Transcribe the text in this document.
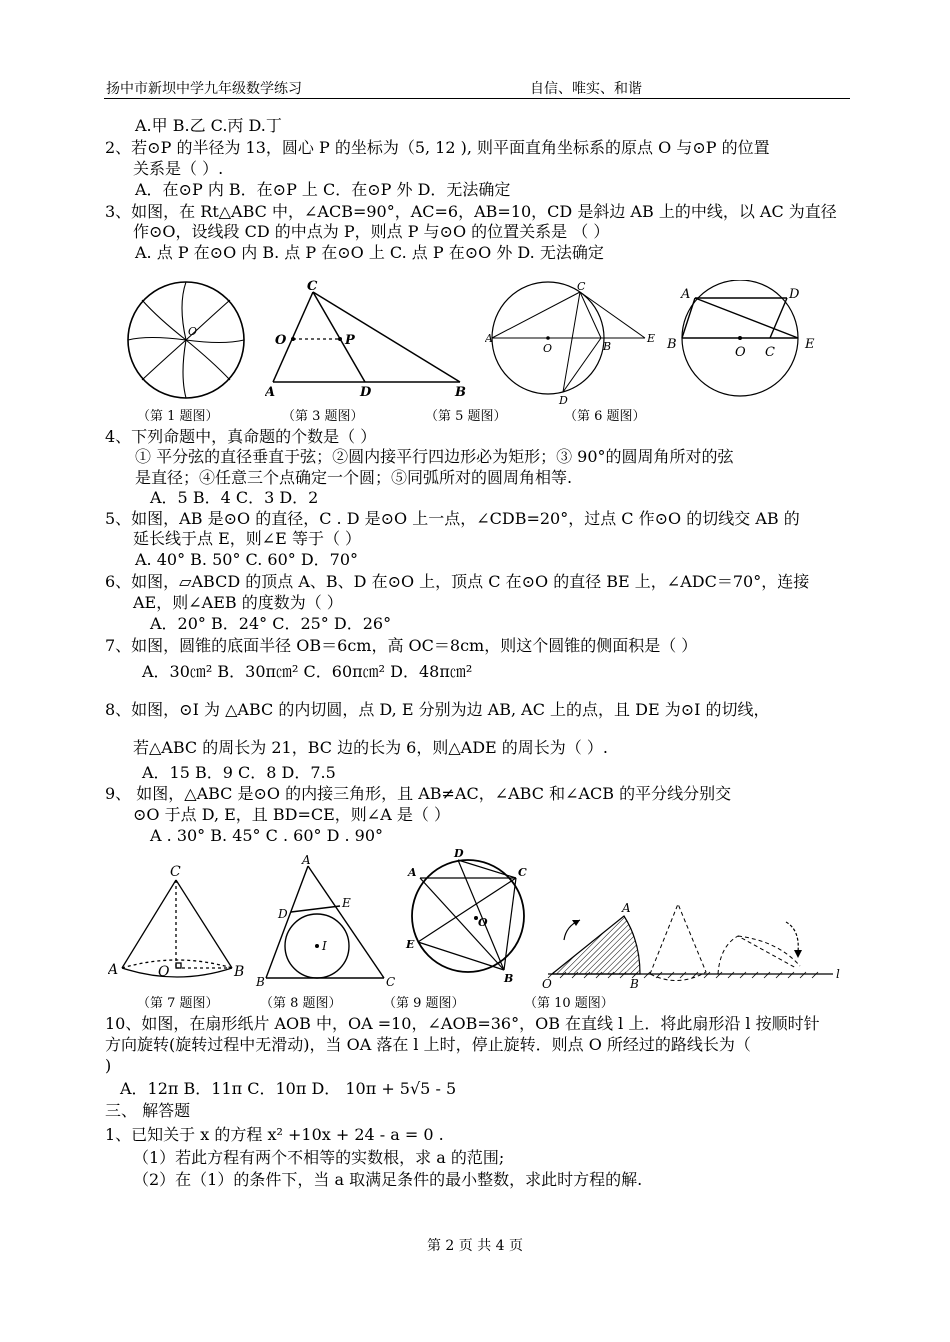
扬中市新坝中学九年级数学练习	自信、唯实、和谐
A.甲 B.乙 C.丙 D.丁
2、若⊙P 的半径为 13，圆心 P 的坐标为（5, 12 ), 则平面直角坐标系的原点 O 与⊙P 的位置
关系是（ ）.
A．在⊙P 内 B．在⊙P 上 C．在⊙P 外 D．无法确定
3、如图，在 Rt△ABC 中，∠ACB=90°，AC=6，AB=10，CD 是斜边 AB 上的中线，以 AC 为直径
作⊙O，设线段 CD 的中点为 P，则点 P 与⊙O 的位置关系是 （ ）
A. 点 P 在⊙O 内 B. 点 P 在⊙O 上 C. 点 P 在⊙O 外 D. 无法确定
4、下列命题中，真命题的个数是（ ）
① 平分弦的直径垂直于弦；②圆内接平行四边形必为矩形；③ 90°的圆周角所对的弦
是直径；④任意三个点确定一个圆；⑤同弧所对的圆周角相等.
A．5 B．4 C．3 D．2
5、如图，AB 是⊙O 的直径，C . D 是⊙O 上一点，∠CDB=20°，过点 C 作⊙O 的切线交 AB 的
延长线于点 E，则∠E 等于（ ）
A. 40° B. 50° C. 60° D．70°
6、如图，▱ABCD 的顶点 A、B、D 在⊙O 上，顶点 C 在⊙O 的直径 BE 上，∠ADC＝70°，连接
AE，则∠AEB 的度数为（ ）
A．20° B．24° C．25° D．26°
7、如图，圆锥的底面半径 OB＝6cm，高 OC＝8cm，则这个圆锥的侧面积是（ ）
A．30㎝² B．30π㎝² C．60π㎝² D．48π㎝²
8、如图，⊙I 为 △ABC 的内切圆，点 D, E 分别为边 AB, AC 上的点，且 DE 为⊙I 的切线，
若△ABC 的周长为 21，BC 边的长为 6，则△ADE 的周长为（ ）.
A．15 B．9 C．8 D．7.5
9、 如图，△ABC 是⊙O 的内接三角形，且 AB≠AC，∠ABC 和∠ACB 的平分线分别交
⊙O 于点 D, E，且 BD=CE，则∠A 是（ ）
A . 30° B. 45° C . 60° D . 90°
10、如图，在扇形纸片 AOB 中，OA =10，∠AOB=36°，OB 在直线 l 上．将此扇形沿 l 按顺时针
方向旋转(旋转过程中无滑动)，当 OA 落在 l 上时，停止旋转．则点 O 所经过的路线长为（
)
A．12π B．11π C．10π D． 10π + 5√5 - 5
三、 解答题
1、已知关于 x 的方程 x² +10x + 24 - a = 0 .
（1）若此方程有两个不相等的实数根，求 a 的范围;
（2）在（1）的条件下，当 a 取满足条件的最小整数，求此时方程的解.
（第 1 题图）	（第 3 题图）	（第 5 题图）	（第 6 题图）
（第 7 题图）	（第 8 题图）	（第 9 题图）	（第 10 题图）
O
C
O	P
A	D	B
C
A
O	B
E
D
A	D
B
O C
E
C
A	O	B
A
D
E
I
B	C
D
A	C
O
E
B
A
O	B
l
第 2 页 共 4 页
